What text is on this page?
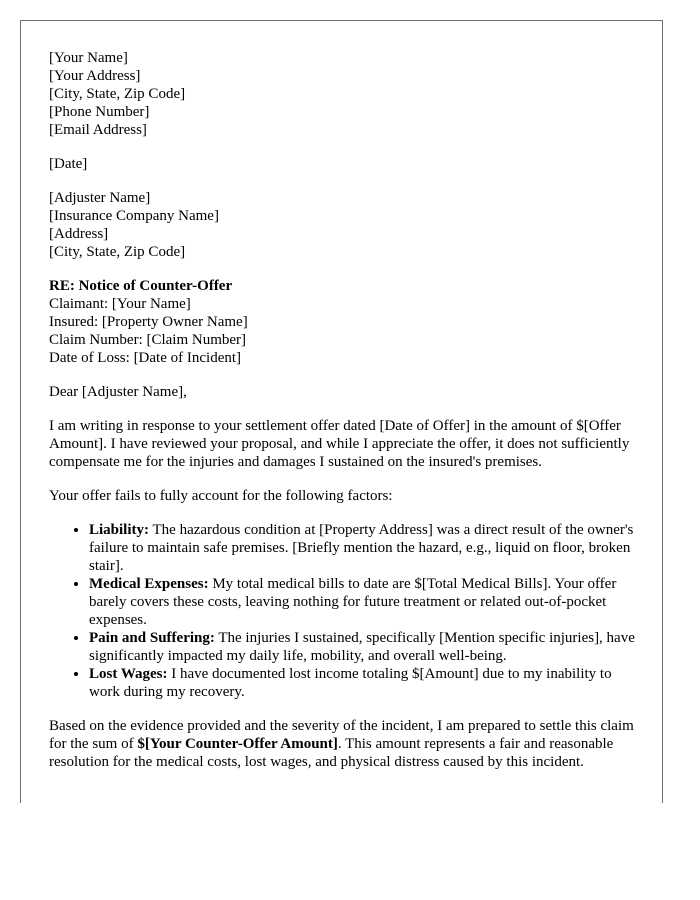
[Your Name]
[Your Address]
[City, State, Zip Code]
[Phone Number]
[Email Address]
[Date]
[Adjuster Name]
[Insurance Company Name]
[Address]
[City, State, Zip Code]
RE: Notice of Counter-Offer
Claimant: [Your Name]
Insured: [Property Owner Name]
Claim Number: [Claim Number]
Date of Loss: [Date of Incident]

Dear [Adjuster Name],

I am writing in response to your settlement offer dated [Date of Offer] in the amount of $[Offer Amount]. I have reviewed your proposal, and while I appreciate the offer, it does not sufficiently compensate me for the injuries and damages I sustained on the insured's premises.

Your offer fails to fully account for the following factors:

• Liability: The hazardous condition at [Property Address] was a direct result of the owner's failure to maintain safe premises. [Briefly mention the hazard, e.g., liquid on floor, broken stair].
• Medical Expenses: My total medical bills to date are $[Total Medical Bills]. Your offer barely covers these costs, leaving nothing for future treatment or related out-of-pocket expenses.
• Pain and Suffering: The injuries I sustained, specifically [Mention specific injuries], have significantly impacted my daily life, mobility, and overall well-being.
• Lost Wages: I have documented lost income totaling $[Amount] due to my inability to work during my recovery.

Based on the evidence provided and the severity of the incident, I am prepared to settle this claim for the sum of $[Your Counter-Offer Amount]. This amount represents a fair and reasonable resolution for the medical costs, lost wages, and physical distress caused by this incident.
